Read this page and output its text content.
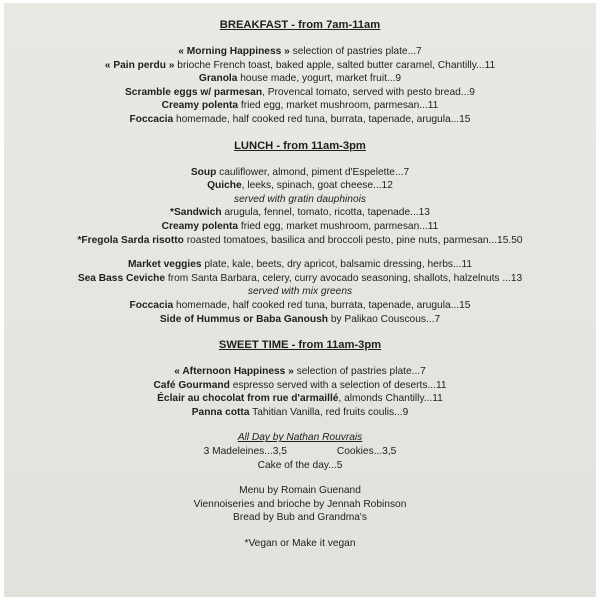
BREAKFAST - from 7am-11am
« Morning Happiness » selection of pastries plate...7
« Pain perdu » brioche French toast, baked apple, salted butter caramel, Chantilly...11
Granola house made, yogurt, market fruit...9
Scramble eggs w/ parmesan, Provencal tomato, served with pesto bread...9
Creamy polenta fried egg, market mushroom, parmesan...11
Foccacia homemade, half cooked red tuna, burrata, tapenade, arugula...15
LUNCH - from 11am-3pm
Soup cauliflower, almond, piment d'Espelette...7
Quiche, leeks, spinach, goat cheese...12
served with gratin dauphinois
*Sandwich arugula, fennel, tomato, ricotta, tapenade...13
Creamy polenta fried egg, market mushroom, parmesan...11
*Fregola Sarda risotto roasted tomatoes, basilica and broccoli pesto, pine nuts, parmesan...15.50
Market veggies plate, kale, beets, dry apricot, balsamic dressing, herbs...11
Sea Bass Ceviche from Santa Barbara, celery, curry avocado seasoning, shallots, halzelnuts ...13
served with mix greens
Foccacia homemade, half cooked red tuna, burrata, tapenade, arugula...15
Side of Hummus or Baba Ganoush by Palikao Couscous...7
SWEET TIME - from 11am-3pm
« Afternoon Happiness » selection of pastries plate...7
Café Gourmand espresso served with a selection of deserts...11
Éclair au chocolat from rue d'armaillé, almonds Chantilly...11
Panna cotta Tahitian Vanilla, red fruits coulis...9
All Day by Nathan Rouvrais
3 Madeleines...3,5	Cookies...3,5
Cake of the day...5
Menu by Romain Guenand
Viennoiseries and brioche by Jennah Robinson
Bread by Bub and Grandma's
*Vegan or Make it vegan
